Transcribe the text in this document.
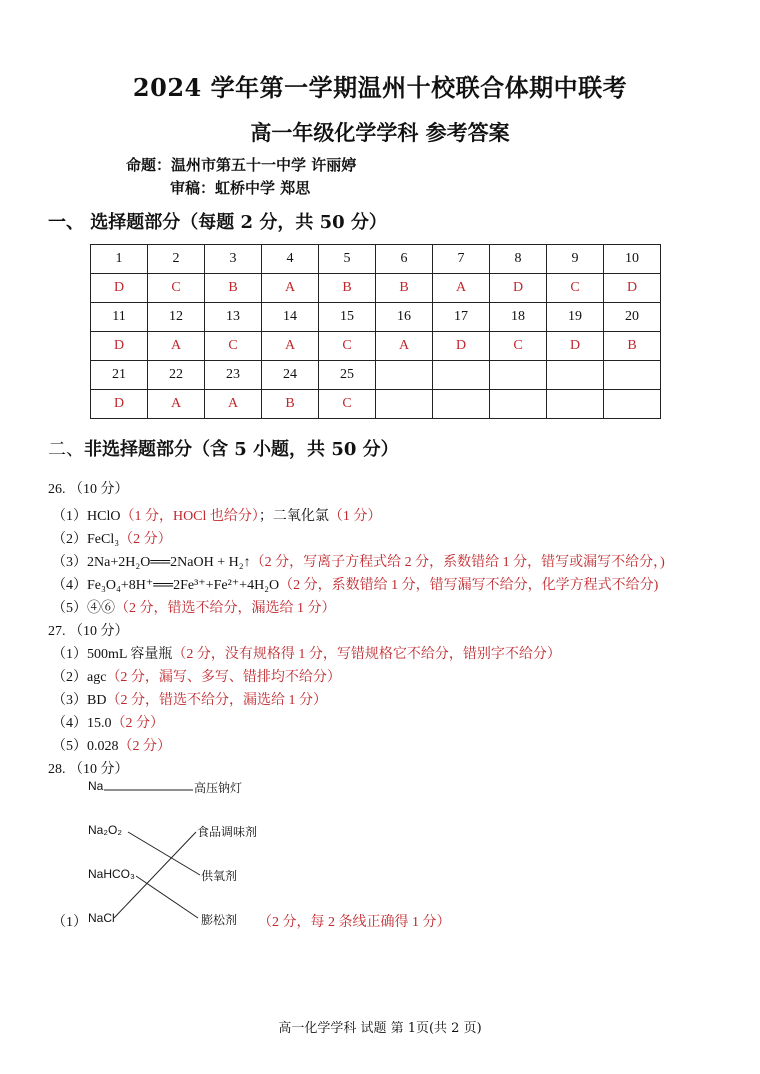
2024 学年第一学期温州十校联合体期中联考
高一年级化学学科 参考答案
命题：温州市第五十一中学 许丽婷
审稿：虹桥中学 郑思
一、 选择题部分（每题 2 分，共 50 分）
1	2	3	4	5	6	7	8	9	10
D	C	B	A	B	B	A	D	C	D
11	12	13	14	15	16	17	18	19	20
D	A	C	A	C	A	D	C	D	B
21	22	23	24	25					
D	A	A	B	C					
二、非选择题部分（含 5 小题，共 50 分）
26. （10 分）
（1）HClO（1 分，HOCl 也给分）；二氧化氯（1 分）
（2）FeCl₃（2 分）
（3）2Na+2H₂O══2NaOH + H₂↑（2 分，写离子方程式给 2 分，系数错给 1 分，错写或漏写不给分，)
（4）Fe₃O₄+8H⁺══2Fe³⁺+Fe²⁺+4H₂O（2 分，系数错给 1 分，错写漏写不给分，化学方程式不给分)
（5）④⑥（2 分，错选不给分，漏选给 1 分）
27. （10 分）
（1）500mL 容量瓶（2 分，没有规格得 1 分，写错规格它不给分，错别字不给分）
（2）agc（2 分，漏写、多写、错排均不给分）
（3）BD（2 分，错选不给分，漏选给 1 分）
（4）15.0（2 分）
（5）0.028（2 分）
28. （10 分）
Na
Na₂O₂
NaHCO₃
（1） NaCl
高压钠灯
食品调味剂
供氧剂
膨松剂 （2 分，每 2 条线正确得 1 分）
高一化学学科 试题 第 1页(共 2 页)
